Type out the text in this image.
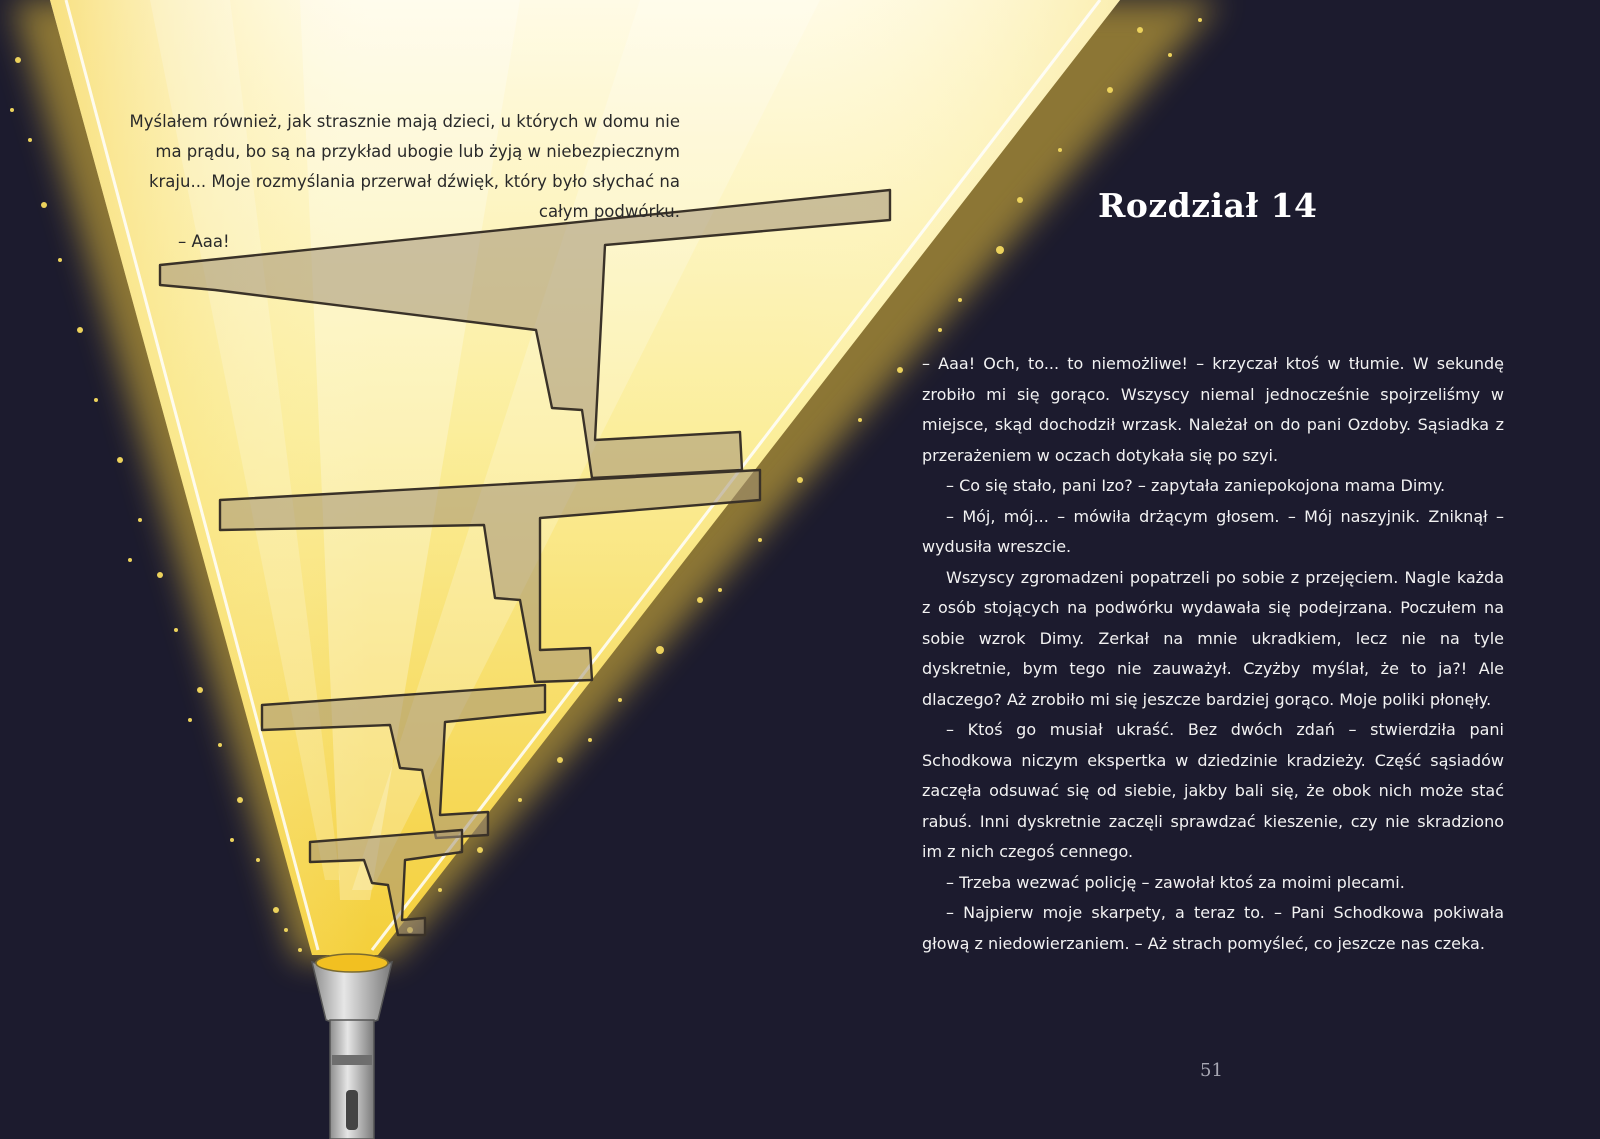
Myślałem również, jak strasznie mają dzieci, u których w domu nie ma prądu, bo są na przykład ubogie lub żyją w niebezpiecznym kraju... Moje rozmyślania przerwał dźwięk, który było słychać na całym podwórku.

– Aaa!

Rozdział 14

– Aaa! Och, to... to niemożliwe! – krzyczał ktoś w tłumie. W sekundę zrobiło mi się gorąco. Wszyscy niemal jednocześnie spojrzeliśmy w miejsce, skąd dochodził wrzask. Należał on do pani Ozdoby. Sąsiadka z przerażeniem w oczach dotykała się po szyi.

– Co się stało, pani Izo? – zapytała zaniepokojona mama Dimy.

– Mój, mój... – mówiła drżącym głosem. – Mój naszyjnik. Zniknął – wydusiła wreszcie.

Wszyscy zgromadzeni popatrzeli po sobie z przejęciem. Nagle każda z osób stojących na podwórku wydawała się podejrzana. Poczułem na sobie wzrok Dimy. Zerkał na mnie ukradkiem, lecz nie na tyle dyskretnie, bym tego nie zauważył. Czyżby myślał, że to ja?! Ale dlaczego? Aż zrobiło mi się jeszcze bardziej gorąco. Moje poliki płonęły.

– Ktoś go musiał ukraść. Bez dwóch zdań – stwierdziła pani Schodkowa niczym ekspertka w dziedzinie kradzieży. Część sąsiadów zaczęła odsuwać się od siebie, jakby bali się, że obok nich może stać rabuś. Inni dyskretnie zaczęli sprawdzać kieszenie, czy nie skradziono im z nich czegoś cennego.

– Trzeba wezwać policję – zawołał ktoś za moimi plecami.

– Najpierw moje skarpety, a teraz to. – Pani Schodkowa pokiwała głową z niedowierzaniem. – Aż strach pomyśleć, co jeszcze nas czeka.

51
